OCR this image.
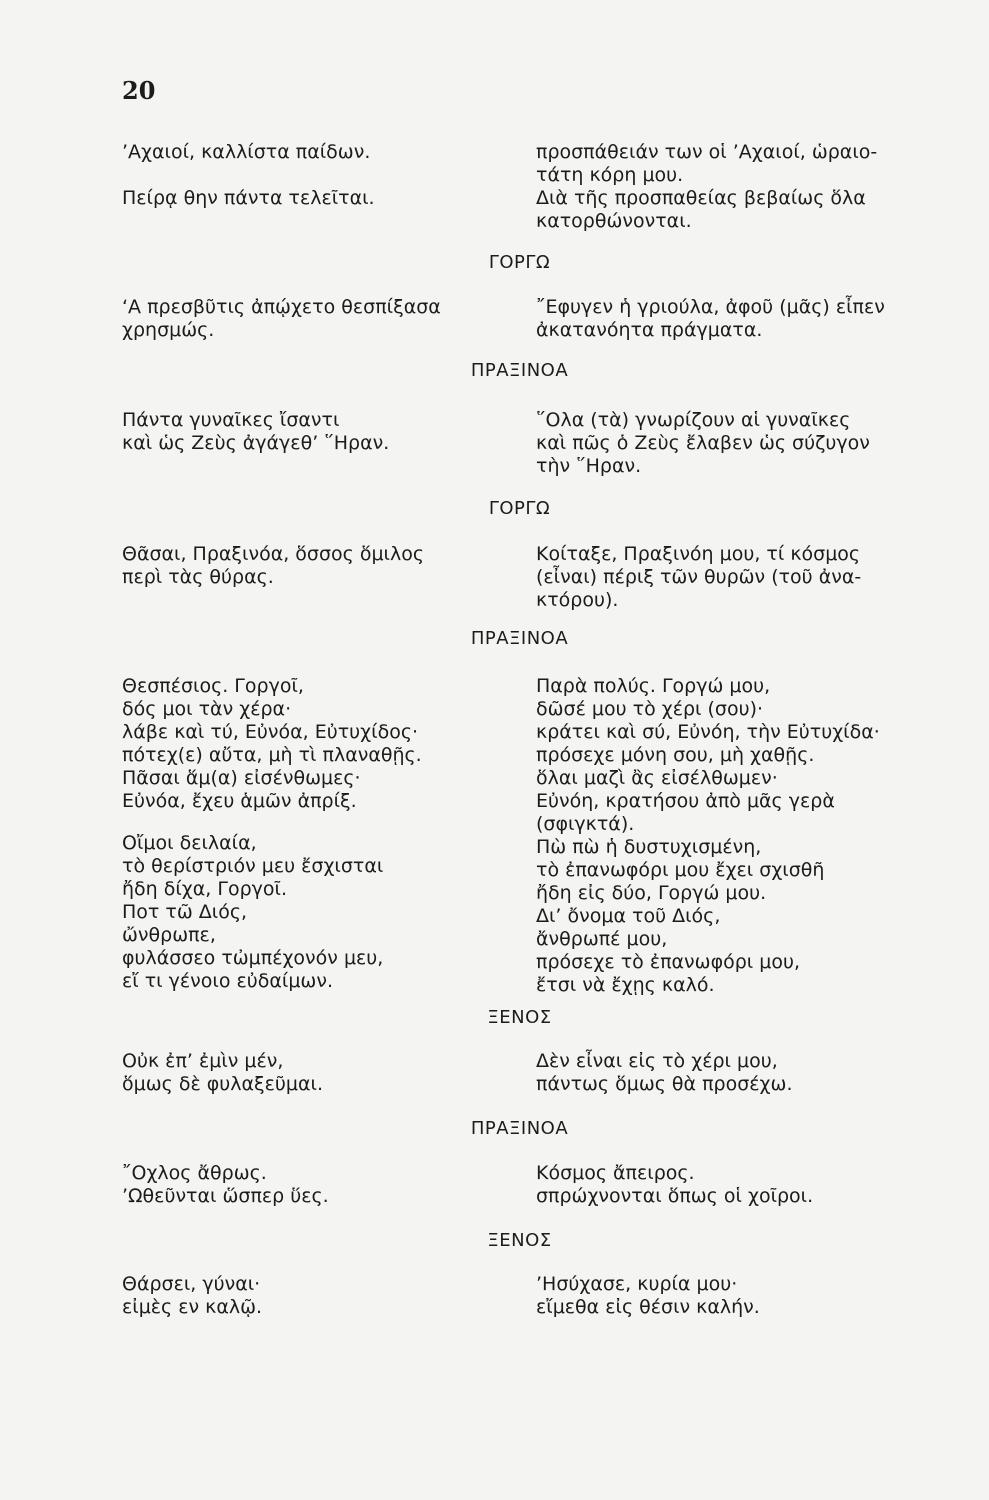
20
’Αχαιοί, καλλίστα παίδων.
Πείρᾳ θην πάντα τελεῖται.
προσπάθειάν των οἱ ’Αχαιοί, ὡραιο-
τάτη κόρη μου.
Διὰ τῆς προσπαθείας βεβαίως ὅλα
κατορθώνονται.
ΓΟΡΓΩ
‘Α πρεσβῦτις ἀπῴχετο θεσπίξασα
χρησμώς.
῎Εφυγεν ἡ γριούλα, ἀφοῦ (μᾶς) εἶπεν
ἀκατανόητα πράγματα.
ΠΡΑΞΙΝΟΑ
Πάντα γυναῖκες ἴσαντι
καὶ ὡς Ζεὺς ἀγάγεθ’ ῞Ηραν.
῞Ολα (τὰ) γνωρίζουν αἱ γυναῖκες
καὶ πῶς ὁ Ζεὺς ἔλαβεν ὡς σύζυγον
τὴν ῞Ηραν.
ΓΟΡΓΩ
Θᾶσαι, Πραξινόα, ὅσσος ὅμιλος
περὶ τὰς θύρας.
Κοίταξε, Πραξινόη μου, τί κόσμος
(εἶναι) πέριξ τῶν θυρῶν (τοῦ ἀνα-
κτόρου).
ΠΡΑΞΙΝΟΑ
Θεσπέσιος. Γοργοῖ,
δός μοι τὰν χέρα·
λάβε καὶ τύ, Εὐνόα, Εὐτυχίδος·
πότεχ(ε) αὔτα, μὴ τὶ πλαναθῇς.
Πᾶσαι ἅμ(α) εἰσένθωμες·
Εὐνόα, ἔχευ ἁμῶν ἀπρίξ.
Οἴμοι δειλαία,
τὸ θερίστριόν μευ ἔσχισται
ἤδη δίχα, Γοργοῖ.
Ποτ τῶ Διός,
ὤνθρωπε,
φυλάσσεο τὠμπέχονόν μευ,
εἴ τι γένοιο εὐδαίμων.
Παρὰ πολύς. Γοργώ μου,
δῶσέ μου τὸ χέρι (σου)·
κράτει καὶ σύ, Εὐνόη, τὴν Εὐτυχίδα·
πρόσεχε μόνη σου, μὴ χαθῇς.
ὅλαι μαζὶ ἂς εἰσέλθωμεν·
Εὐνόη, κρατήσου ἀπὸ μᾶς γερὰ
(σφιγκτά).
Πὼ πὼ ἡ δυστυχισμένη,
τὸ ἐπανωφόρι μου ἔχει σχισθῆ
ἤδη εἰς δύο, Γοργώ μου.
Δι’ ὄνομα τοῦ Διός,
ἄνθρωπέ μου,
πρόσεχε τὸ ἐπανωφόρι μου,
ἔτσι νὰ ἔχῃς καλό.
ΞΕΝΟΣ
Οὐκ ἐπ’ ἐμὶν μέν,
ὅμως δὲ φυλαξεῦμαι.
Δὲν εἶναι εἰς τὸ χέρι μου,
πάντως ὅμως θὰ προσέχω.
ΠΡΑΞΙΝΟΑ
῎Οχλος ἄθρως.
’Ωθεῦνται ὥσπερ ὕες.
Κόσμος ἄπειρος.
σπρώχνονται ὅπως οἱ χοῖροι.
ΞΕΝΟΣ
Θάρσει, γύναι·
εἰμὲς εν καλῷ.
’Ησύχασε, κυρία μου·
εἴμεθα εἰς θέσιν καλήν.
